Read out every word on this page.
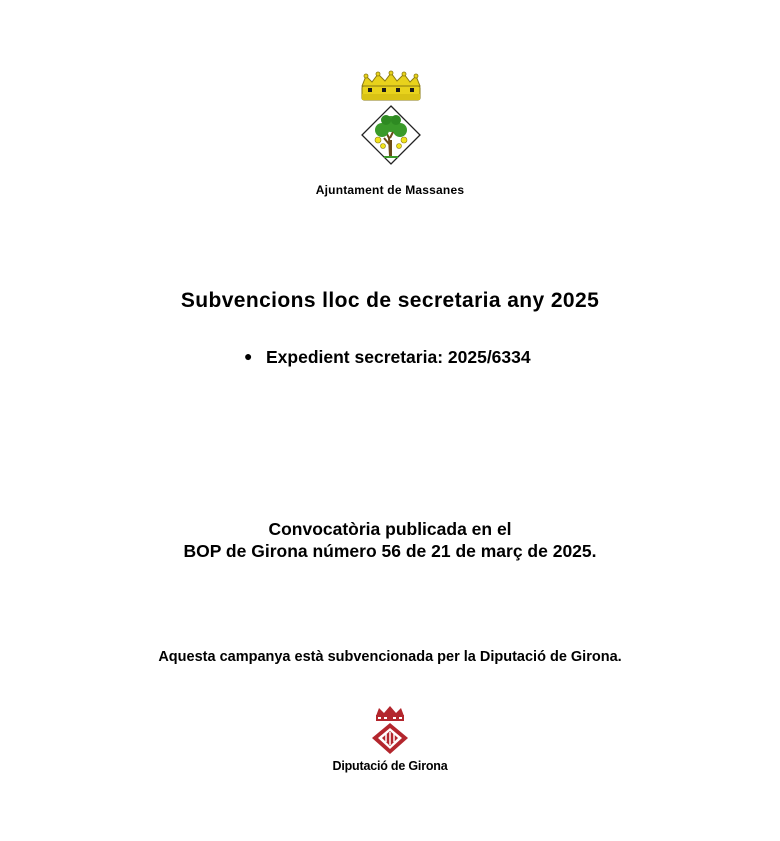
Ajuntament de Massanes
Subvencions lloc de secretaria any 2025
● Expedient secretaria: 2025/6334
Convocatòria publicada en el
BOP de Girona número 56 de 21 de març de 2025.
Aquesta campanya està subvencionada per la Diputació de Girona.
Diputació de Girona
